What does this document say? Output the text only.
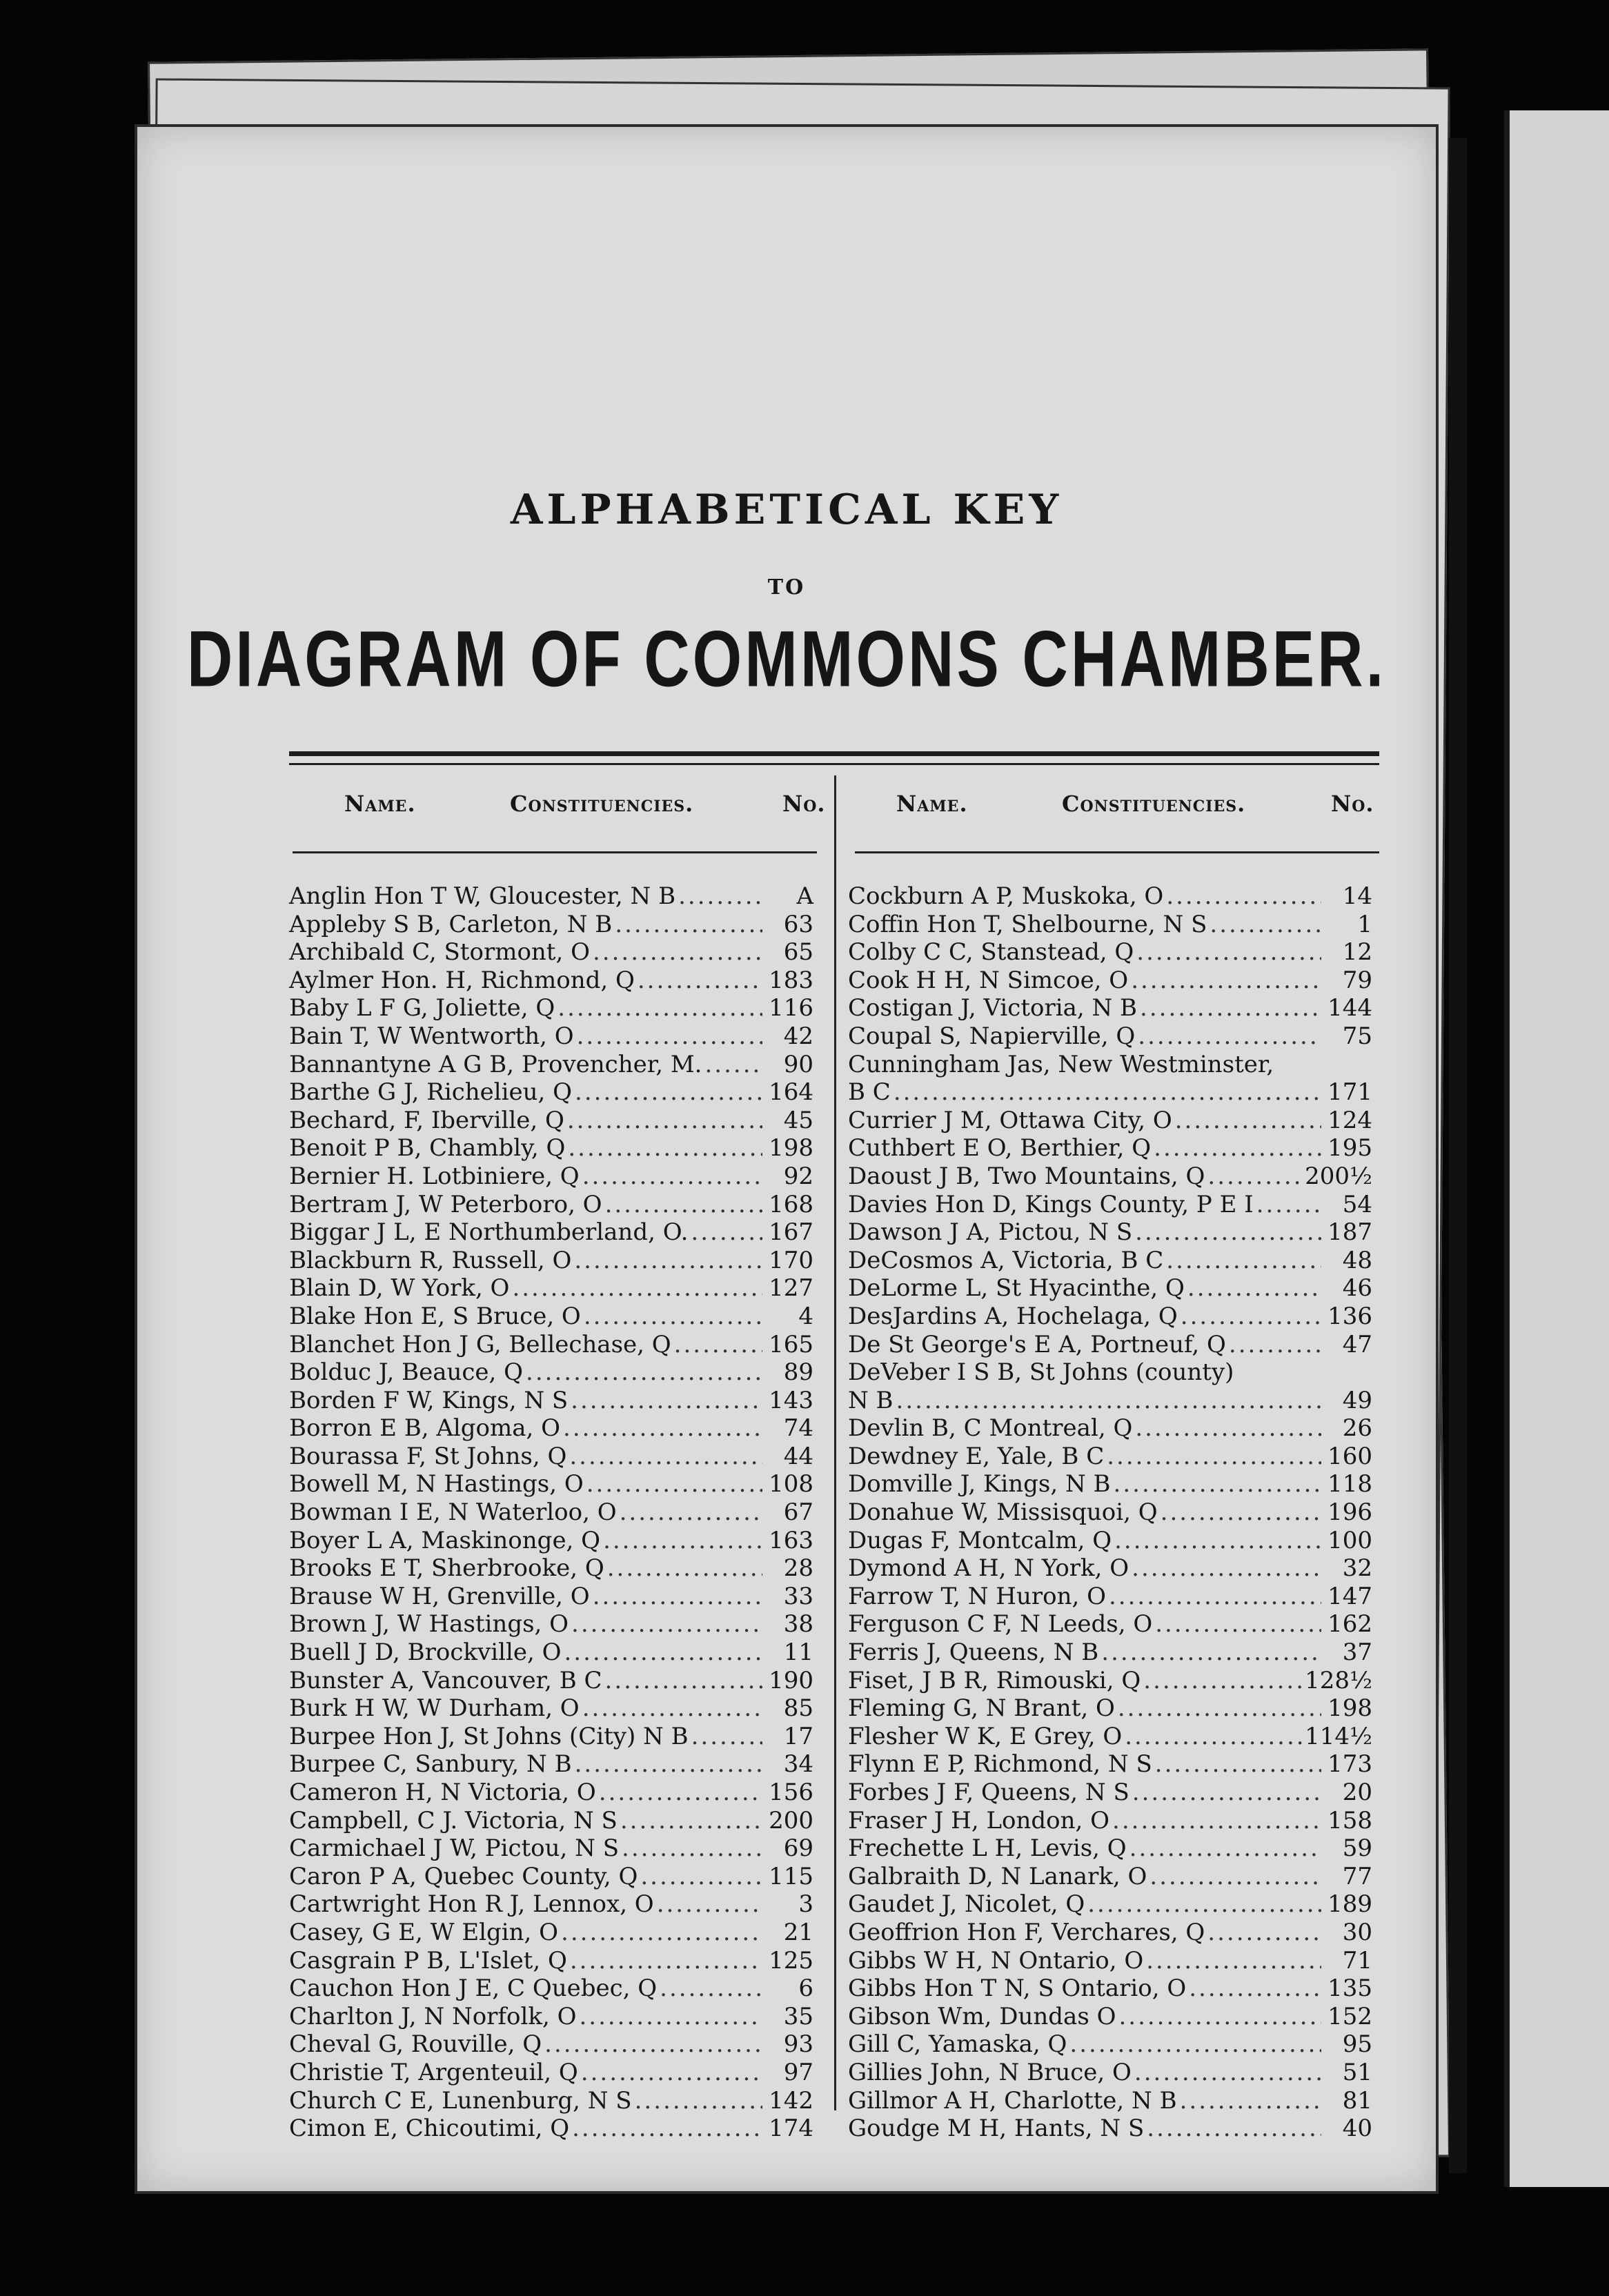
ALPHABETICAL KEY
TO
DIAGRAM OF COMMONS CHAMBER.
Name.	Constituencies.	No.	Name.	Constituencies.	No.
Anglin Hon T W, Gloucester, N B .....	A
Appleby S B, Carleton, N B .....	63
Archibald C, Stormont, O .....	65
Aylmer Hon. H, Richmond, Q .....	183
Baby L F G, Joliette, Q .....	116
Bain T, W Wentworth, O .....	42
Bannantyne A G B, Provencher, M. .....	90
Barthe G J, Richelieu, Q .....	164
Bechard, F, Iberville, Q .....	45
Benoit P B, Chambly, Q .....	198
Bernier H. Lotbiniere, Q .....	92
Bertram J, W Peterboro, O .....	168
Biggar J L, E Northumberland, O. .....	167
Blackburn R, Russell, O .....	170
Blain D, W York, O .....	127
Blake Hon E, S Bruce, O .....	4
Blanchet Hon J G, Bellechase, Q .....	165
Bolduc J, Beauce, Q .....	89
Borden F W, Kings, N S .....	143
Borron E B, Algoma, O .....	74
Bourassa F, St Johns, Q .....	44
Bowell M, N Hastings, O .....	108
Bowman I E, N Waterloo, O .....	67
Boyer L A, Maskinonge, Q .....	163
Brooks E T, Sherbrooke, Q .....	28
Brause W H, Grenville, O .....	33
Brown J, W Hastings, O .....	38
Buell J D, Brockville, O .....	11
Bunster A, Vancouver, B C .....	190
Burk H W, W Durham, O .....	85
Burpee Hon J, St Johns (City) N B .....	17
Burpee C, Sanbury, N B .....	34
Cameron H, N Victoria, O .....	156
Campbell, C J. Victoria, N S .....	200
Carmichael J W, Pictou, N S .....	69
Caron P A, Quebec County, Q .....	115
Cartwright Hon R J, Lennox, O .....	3
Casey, G E, W Elgin, O .....	21
Casgrain P B, L'Islet, Q .....	125
Cauchon Hon J E, C Quebec, Q .....	6
Charlton J, N Norfolk, O .....	35
Cheval G, Rouville, Q .....	93
Christie T, Argenteuil, Q .....	97
Church C E, Lunenburg, N S .....	142
Cimon E, Chicoutimi, Q .....	174
Cockburn A P, Muskoka, O .....	14
Coffin Hon T, Shelbourne, N S .....	1
Colby C C, Stanstead, Q .....	12
Cook H H, N Simcoe, O .....	79
Costigan J, Victoria, N B .....	144
Coupal S, Napierville, Q .....	75
Cunningham Jas, New Westminster,
B C .....	171
Currier J M, Ottawa City, O .....	124
Cuthbert E O, Berthier, Q .....	195
Daoust J B, Two Mountains, Q .....	200½
Davies Hon D, Kings County, P E I .....	54
Dawson J A, Pictou, N S .....	187
DeCosmos A, Victoria, B C .....	48
DeLorme L, St Hyacinthe, Q .....	46
DesJardins A, Hochelaga, Q .....	136
De St George's E A, Portneuf, Q .....	47
DeVeber I S B, St Johns (county)
N B .....	49
Devlin B, C Montreal, Q .....	26
Dewdney E, Yale, B C .....	160
Domville J, Kings, N B .....	118
Donahue W, Missisquoi, Q .....	196
Dugas F, Montcalm, Q .....	100
Dymond A H, N York, O .....	32
Farrow T, N Huron, O .....	147
Ferguson C F, N Leeds, O .....	162
Ferris J, Queens, N B .....	37
Fiset, J B R, Rimouski, Q .....	128½
Fleming G, N Brant, O .....	198
Flesher W K, E Grey, O .....	114½
Flynn E P, Richmond, N S .....	173
Forbes J F, Queens, N S .....	20
Fraser J H, London, O .....	158
Frechette L H, Levis, Q .....	59
Galbraith D, N Lanark, O .....	77
Gaudet J, Nicolet, Q .....	189
Geoffrion Hon F, Verchares, Q .....	30
Gibbs W H, N Ontario, O .....	71
Gibbs Hon T N, S Ontario, O .....	135
Gibson Wm, Dundas O .....	152
Gill C, Yamaska, Q .....	95
Gillies John, N Bruce, O .....	51
Gillmor A H, Charlotte, N B .....	81
Goudge M H, Hants, N S .....	40
